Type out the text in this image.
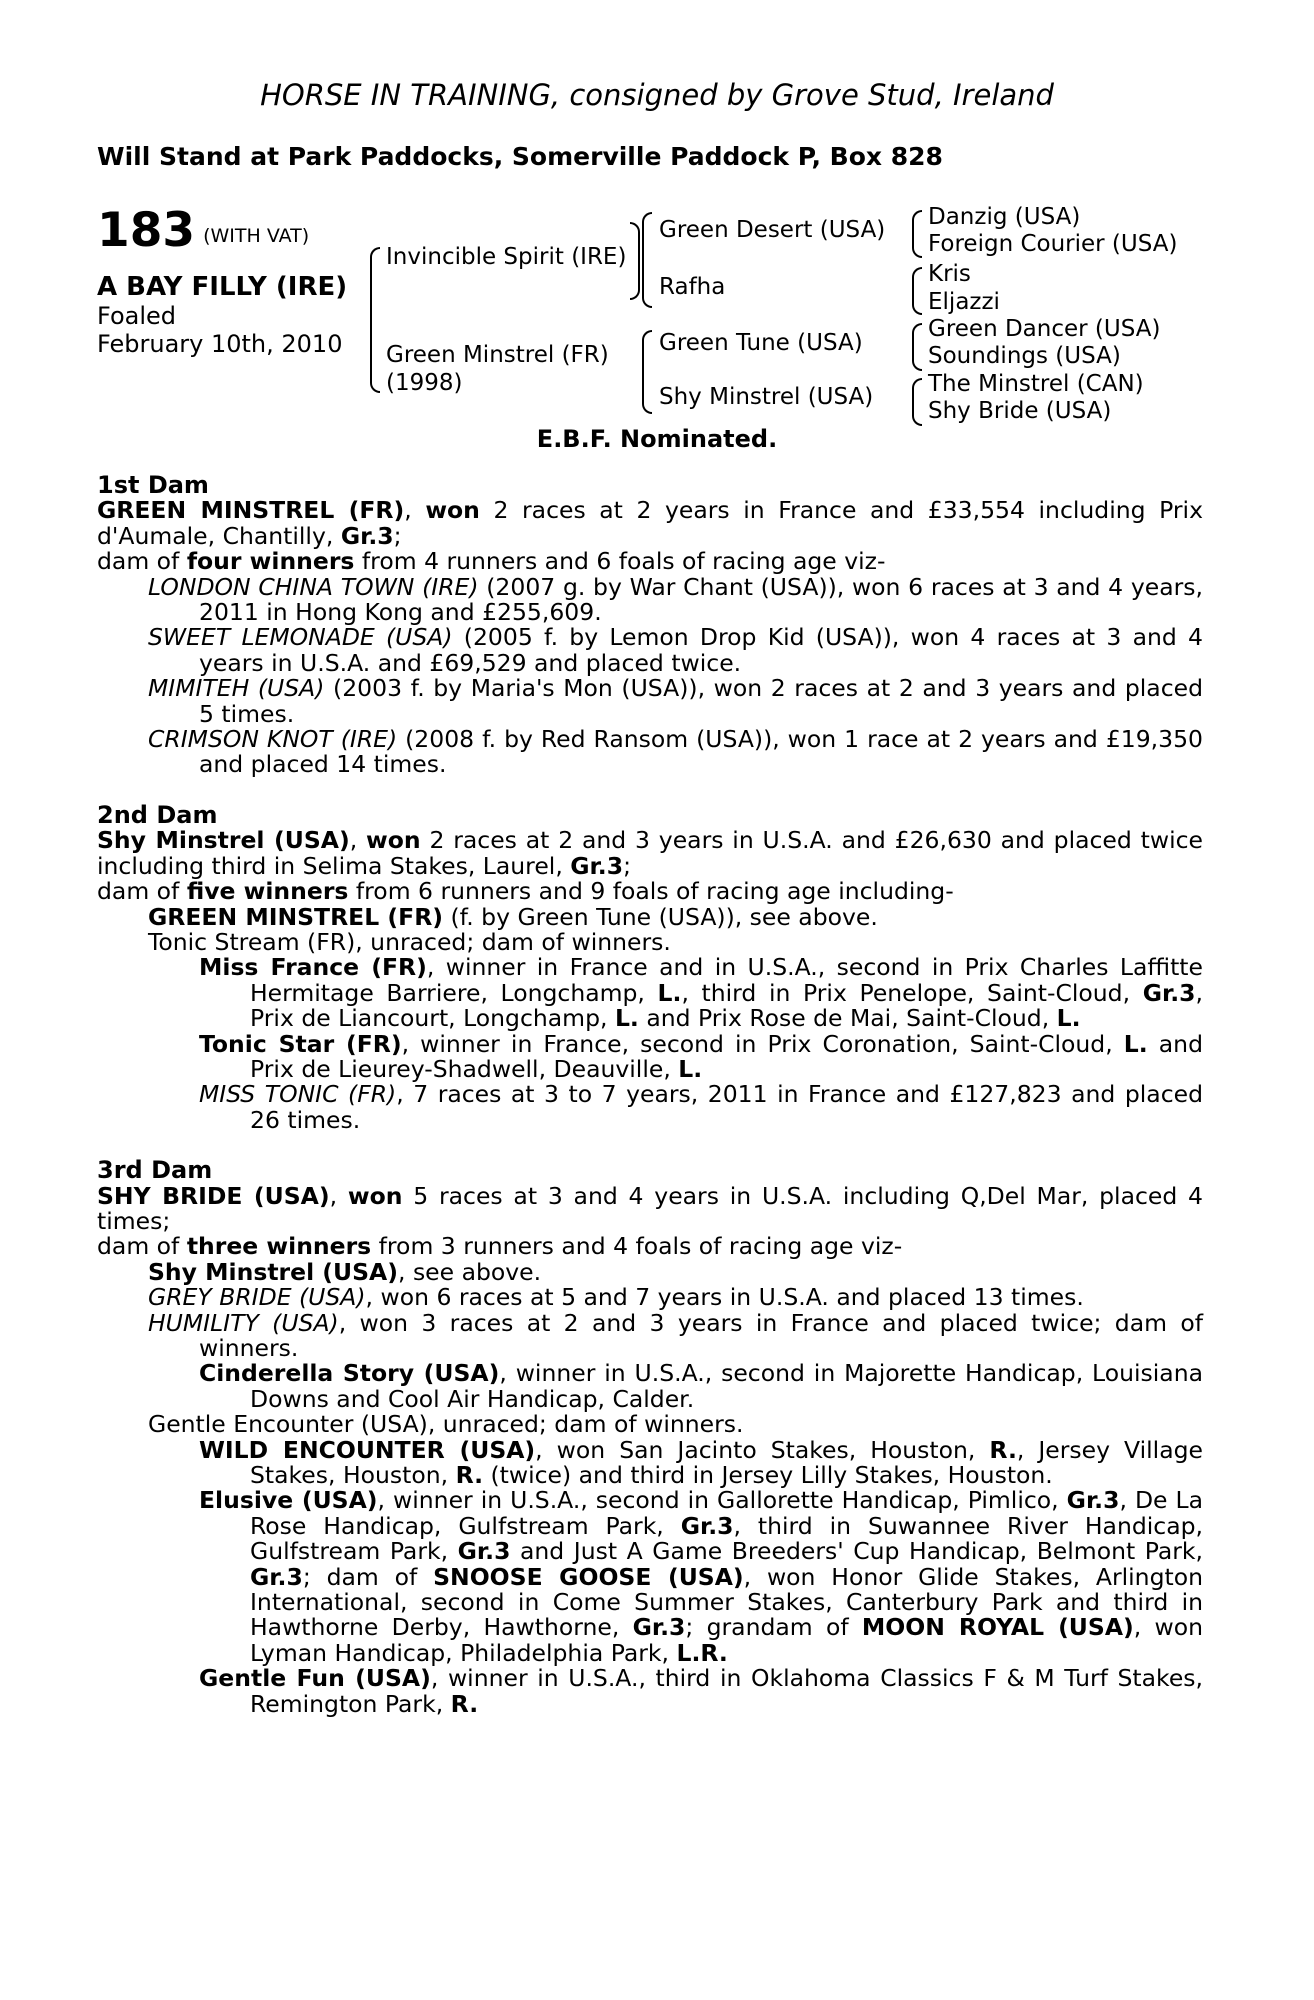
HORSE IN TRAINING, consigned by Grove Stud, Ireland
Will Stand at Park Paddocks, Somerville Paddock P, Box 828
183 (WITH VAT)
A BAY FILLY (IRE)
Foaled
February 10th, 2010
Invincible Spirit (IRE)
Green Minstrel (FR)
(1998)
Green Desert (USA)
Rafha
Green Tune (USA)
Shy Minstrel (USA)
Danzig (USA)
Foreign Courier (USA)
Kris
Eljazzi
Green Dancer (USA)
Soundings (USA)
The Minstrel (CAN)
Shy Bride (USA)
E.B.F. Nominated.
1st Dam
GREEN MINSTREL (FR), won 2 races at 2 years in France and £33,554 including Prix d'Aumale, Chantilly, Gr.3;
dam of four winners from 4 runners and 6 foals of racing age viz-
LONDON CHINA TOWN (IRE) (2007 g. by War Chant (USA)), won 6 races at 3 and 4 years, 2011 in Hong Kong and £255,609.
SWEET LEMONADE (USA) (2005 f. by Lemon Drop Kid (USA)), won 4 races at 3 and 4 years in U.S.A. and £69,529 and placed twice.
MIMITEH (USA) (2003 f. by Maria's Mon (USA)), won 2 races at 2 and 3 years and placed 5 times.
CRIMSON KNOT (IRE) (2008 f. by Red Ransom (USA)), won 1 race at 2 years and £19,350 and placed 14 times.
2nd Dam
Shy Minstrel (USA), won 2 races at 2 and 3 years in U.S.A. and £26,630 and placed twice including third in Selima Stakes, Laurel, Gr.3;
dam of five winners from 6 runners and 9 foals of racing age including-
GREEN MINSTREL (FR) (f. by Green Tune (USA)), see above.
Tonic Stream (FR), unraced; dam of winners.
Miss France (FR), winner in France and in U.S.A., second in Prix Charles Laffitte Hermitage Barriere, Longchamp, L., third in Prix Penelope, Saint-Cloud, Gr.3, Prix de Liancourt, Longchamp, L. and Prix Rose de Mai, Saint-Cloud, L.
Tonic Star (FR), winner in France, second in Prix Coronation, Saint-Cloud, L. and Prix de Lieurey-Shadwell, Deauville, L.
MISS TONIC (FR), 7 races at 3 to 7 years, 2011 in France and £127,823 and placed 26 times.
3rd Dam
SHY BRIDE (USA), won 5 races at 3 and 4 years in U.S.A. including Q,Del Mar, placed 4 times;
dam of three winners from 3 runners and 4 foals of racing age viz-
Shy Minstrel (USA), see above.
GREY BRIDE (USA), won 6 races at 5 and 7 years in U.S.A. and placed 13 times.
HUMILITY (USA), won 3 races at 2 and 3 years in France and placed twice; dam of winners.
Cinderella Story (USA), winner in U.S.A., second in Majorette Handicap, Louisiana Downs and Cool Air Handicap, Calder.
Gentle Encounter (USA), unraced; dam of winners.
WILD ENCOUNTER (USA), won San Jacinto Stakes, Houston, R., Jersey Village Stakes, Houston, R. (twice) and third in Jersey Lilly Stakes, Houston.
Elusive (USA), winner in U.S.A., second in Gallorette Handicap, Pimlico, Gr.3, De La Rose Handicap, Gulfstream Park, Gr.3, third in Suwannee River Handicap, Gulfstream Park, Gr.3 and Just A Game Breeders' Cup Handicap, Belmont Park, Gr.3; dam of SNOOSE GOOSE (USA), won Honor Glide Stakes, Arlington International, second in Come Summer Stakes, Canterbury Park and third in Hawthorne Derby, Hawthorne, Gr.3; grandam of MOON ROYAL (USA), won Lyman Handicap, Philadelphia Park, L.R.
Gentle Fun (USA), winner in U.S.A., third in Oklahoma Classics F & M Turf Stakes, Remington Park, R.
